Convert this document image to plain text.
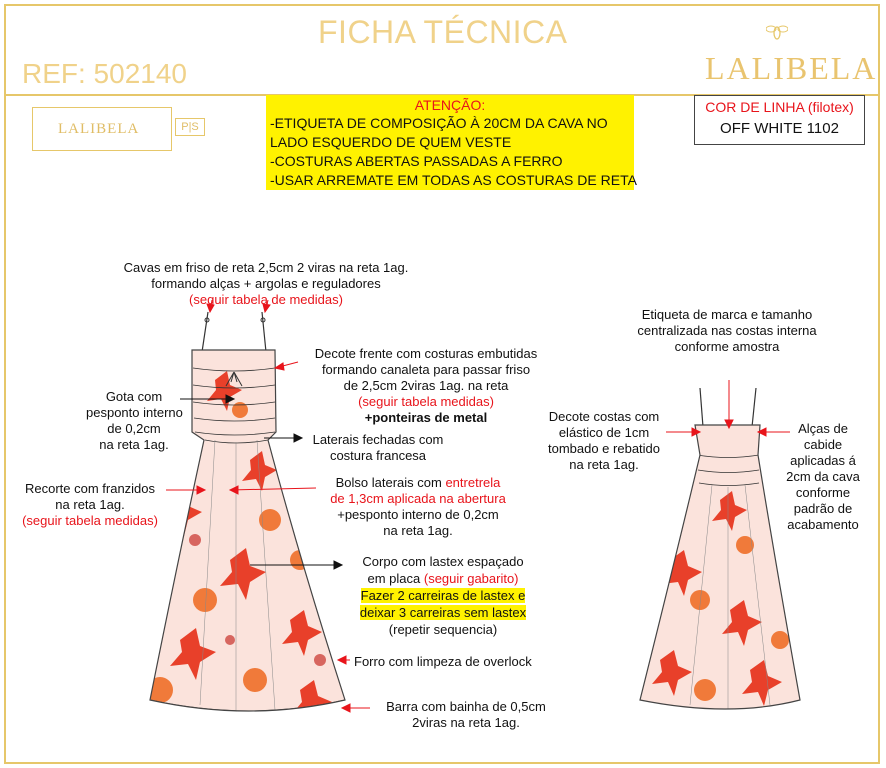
FICHA TÉCNICA
REF: 502140	LALIBELA
LALIBELA	P|S
ATENÇÃO:
-ETIQUETA DE COMPOSIÇÃO À 20CM DA CAVA NO
LADO ESQUERDO DE QUEM VESTE
-COSTURAS ABERTAS PASSADAS A FERRO
-USAR ARREMATE EM TODAS AS COSTURAS DE RETA
COR DE LINHA (filotex)
OFF WHITE 1102
Cavas em friso de reta 2,5cm 2 viras na reta 1ag.
formando alças + argolas e reguladores
(seguir tabela de medidas)
Decote frente com costuras embutidas
formando canaleta para passar friso
de 2,5cm 2viras 1ag. na reta
(seguir tabela medidas)
+ponteiras de metal
Gota com
pesponto interno
de 0,2cm
na reta 1ag.	Laterais fechadas com
costura francesa
Recorte com franzidos
na reta 1ag.
(seguir tabela medidas)
Bolso laterais com entretrela
de 1,3cm aplicada na abertura
+pesponto interno de 0,2cm
na reta 1ag.
Corpo com lastex espaçado
em placa (seguir gabarito)
Fazer 2 carreiras de lastex e
deixar 3 carreiras sem lastex
(repetir sequencia)
Forro com limpeza de overlock
Barra com bainha de 0,5cm
2viras na reta 1ag.
Etiqueta de marca e tamanho
centralizada nas costas interna
conforme amostra
Decote costas com
elástico de 1cm
tombado e rebatido
na reta 1ag.
Alças de
cabide
aplicadas á
2cm da cava
conforme
padrão de
acabamento
